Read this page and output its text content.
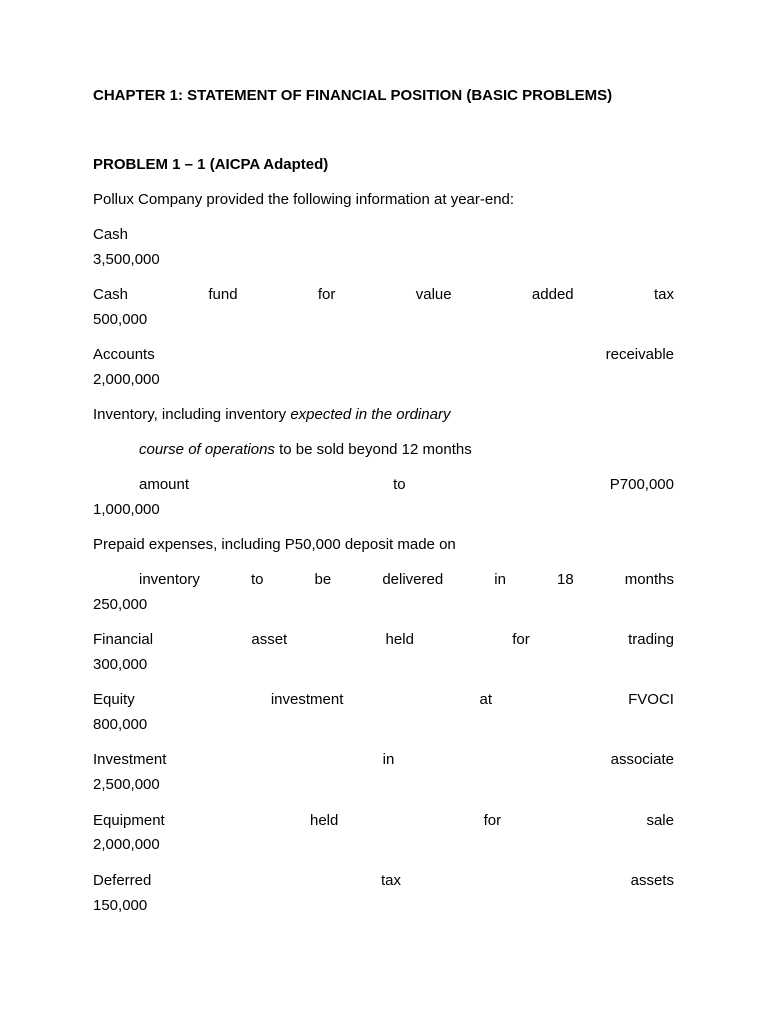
CHAPTER 1: STATEMENT OF FINANCIAL POSITION (BASIC PROBLEMS)
PROBLEM 1 – 1 (AICPA Adapted)
Pollux Company provided the following information at year-end:
Cash
3,500,000
Cash	fund	for	value	added	tax
500,000
Accounts	receivable
2,000,000
Inventory, including inventory expected in the ordinary
course of operations to be sold beyond 12 months
amount	to	P700,000
1,000,000
Prepaid expenses, including P50,000 deposit made on
inventory	to	be	delivered	in	18	months
250,000
Financial	asset	held	for	trading
300,000
Equity	investment	at	FVOCI
800,000
Investment	in	associate
2,500,000
Equipment	held	for	sale
2,000,000
Deferred	tax	assets
150,000
